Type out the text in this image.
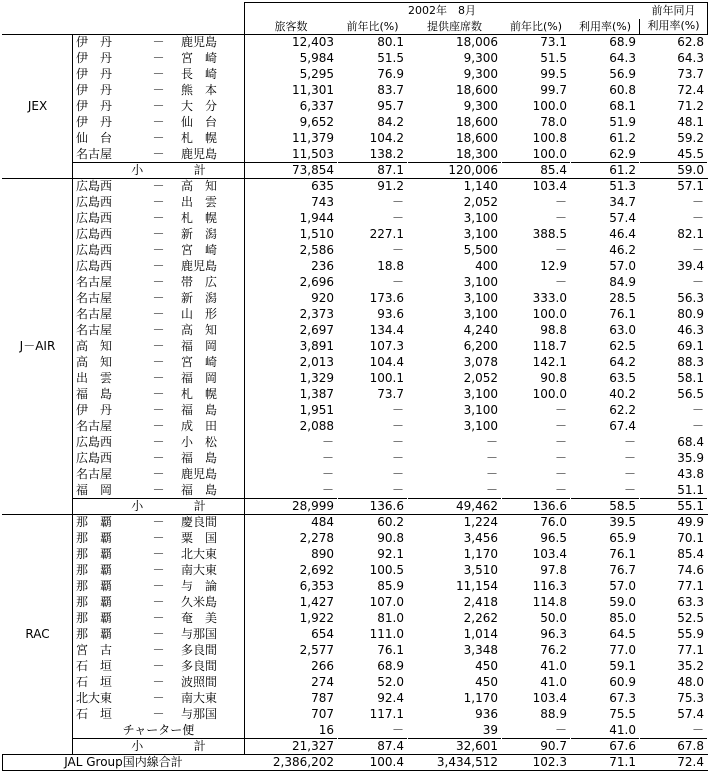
		2002年　8月					前年同月
利用率(%)

		旅客数	前年比(%)	提供座席数	前年比(%)	利用率(%)	
JEX	伊　丹 － 鹿児島	12,403	80.1	18,006	73.1	68.9	62.8

	伊　丹 － 宮　崎	5,984	51.5	9,300	51.5	64.3	64.3

	伊　丹 － 長　崎	5,295	76.9	9,300	99.5	56.9	73.7

	伊　丹 － 熊　本	11,301	83.7	18,600	99.7	60.8	72.4

	伊　丹 － 大　分	6,337	95.7	9,300	100.0	68.1	71.2

	伊　丹 － 仙　台	9,652	84.2	18,600	78.0	51.9	48.1

	仙　台 － 札　幌	11,379	104.2	18,600	100.8	61.2	59.2

	名古屋 － 鹿児島	11,503	138.2	18,300	100.0	62.9	45.5

	小 計	73,854	87.1	120,006	85.4	61.2	59.0
J－AIR	広島西 － 高　知	635	91.2	1,140	103.4	51.3	57.1

	広島西 － 出　雲	743	－	2,052	－	34.7	－

	広島西 － 札　幌	1,944	－	3,100	－	57.4	－

	広島西 － 新　潟	1,510	227.1	3,100	388.5	46.4	82.1

	広島西 － 宮　崎	2,586	－	5,500	－	46.2	－

	広島西 － 鹿児島	236	18.8	400	12.9	57.0	39.4

	名古屋 － 帯　広	2,696	－	3,100	－	84.9	－

	名古屋 － 新　潟	920	173.6	3,100	333.0	28.5	56.3

	名古屋 － 山　形	2,373	93.6	3,100	100.0	76.1	80.9

	名古屋 － 高　知	2,697	134.4	4,240	98.8	63.0	46.3

	高　知 － 福　岡	3,891	107.3	6,200	118.7	62.5	69.1

	高　知 － 宮　崎	2,013	104.4	3,078	142.1	64.2	88.3

	出　雲 － 福　岡	1,329	100.1	2,052	90.8	63.5	58.1

	福　島 － 札　幌	1,387	73.7	3,100	100.0	40.2	56.5

	伊　丹 － 福　島	1,951	－	3,100	－	62.2	－

	名古屋 － 成　田	2,088	－	3,100	－	67.4	－

	広島西 － 小　松	－	－	－	－	－	68.4

	広島西 － 福　島	－	－	－	－	－	35.9

	名古屋 － 鹿児島	－	－	－	－	－	43.8

	福　岡 － 福　島	－	－	－	－	－	51.1

	小 計	28,999	136.6	49,462	136.6	58.5	55.1
RAC	那　覇 － 慶良間	484	60.2	1,224	76.0	39.5	49.9

	那　覇 － 粟　国	2,278	90.8	3,456	96.5	65.9	70.1

	那　覇 － 北大東	890	92.1	1,170	103.4	76.1	85.4

	那　覇 － 南大東	2,692	100.5	3,510	97.8	76.7	74.6

	那　覇 － 与　論	6,353	85.9	11,154	116.3	57.0	77.1

	那　覇 － 久米島	1,427	107.0	2,418	114.8	59.0	63.3

	那　覇 － 奄　美	1,922	81.0	2,262	50.0	85.0	52.5

	那　覇 － 与那国	654	111.0	1,014	96.3	64.5	55.9

	宮　古 － 多良間	2,577	76.1	3,348	76.2	77.0	77.1

	石　垣 － 多良間	266	68.9	450	41.0	59.1	35.2

	石　垣 － 波照間	274	52.0	450	41.0	60.9	48.0

	北大東 － 南大東	787	92.4	1,170	103.4	67.3	75.3

	石　垣 － 与那国	707	117.1	936	88.9	75.5	57.4
	チャーター便	16	－	39	－	41.0	－

	小 計	21,327	87.4	32,601	90.7	67.6	67.8
JAL Group国内線合計		2,386,202	100.4	3,434,512	102.3	71.1	72.4
